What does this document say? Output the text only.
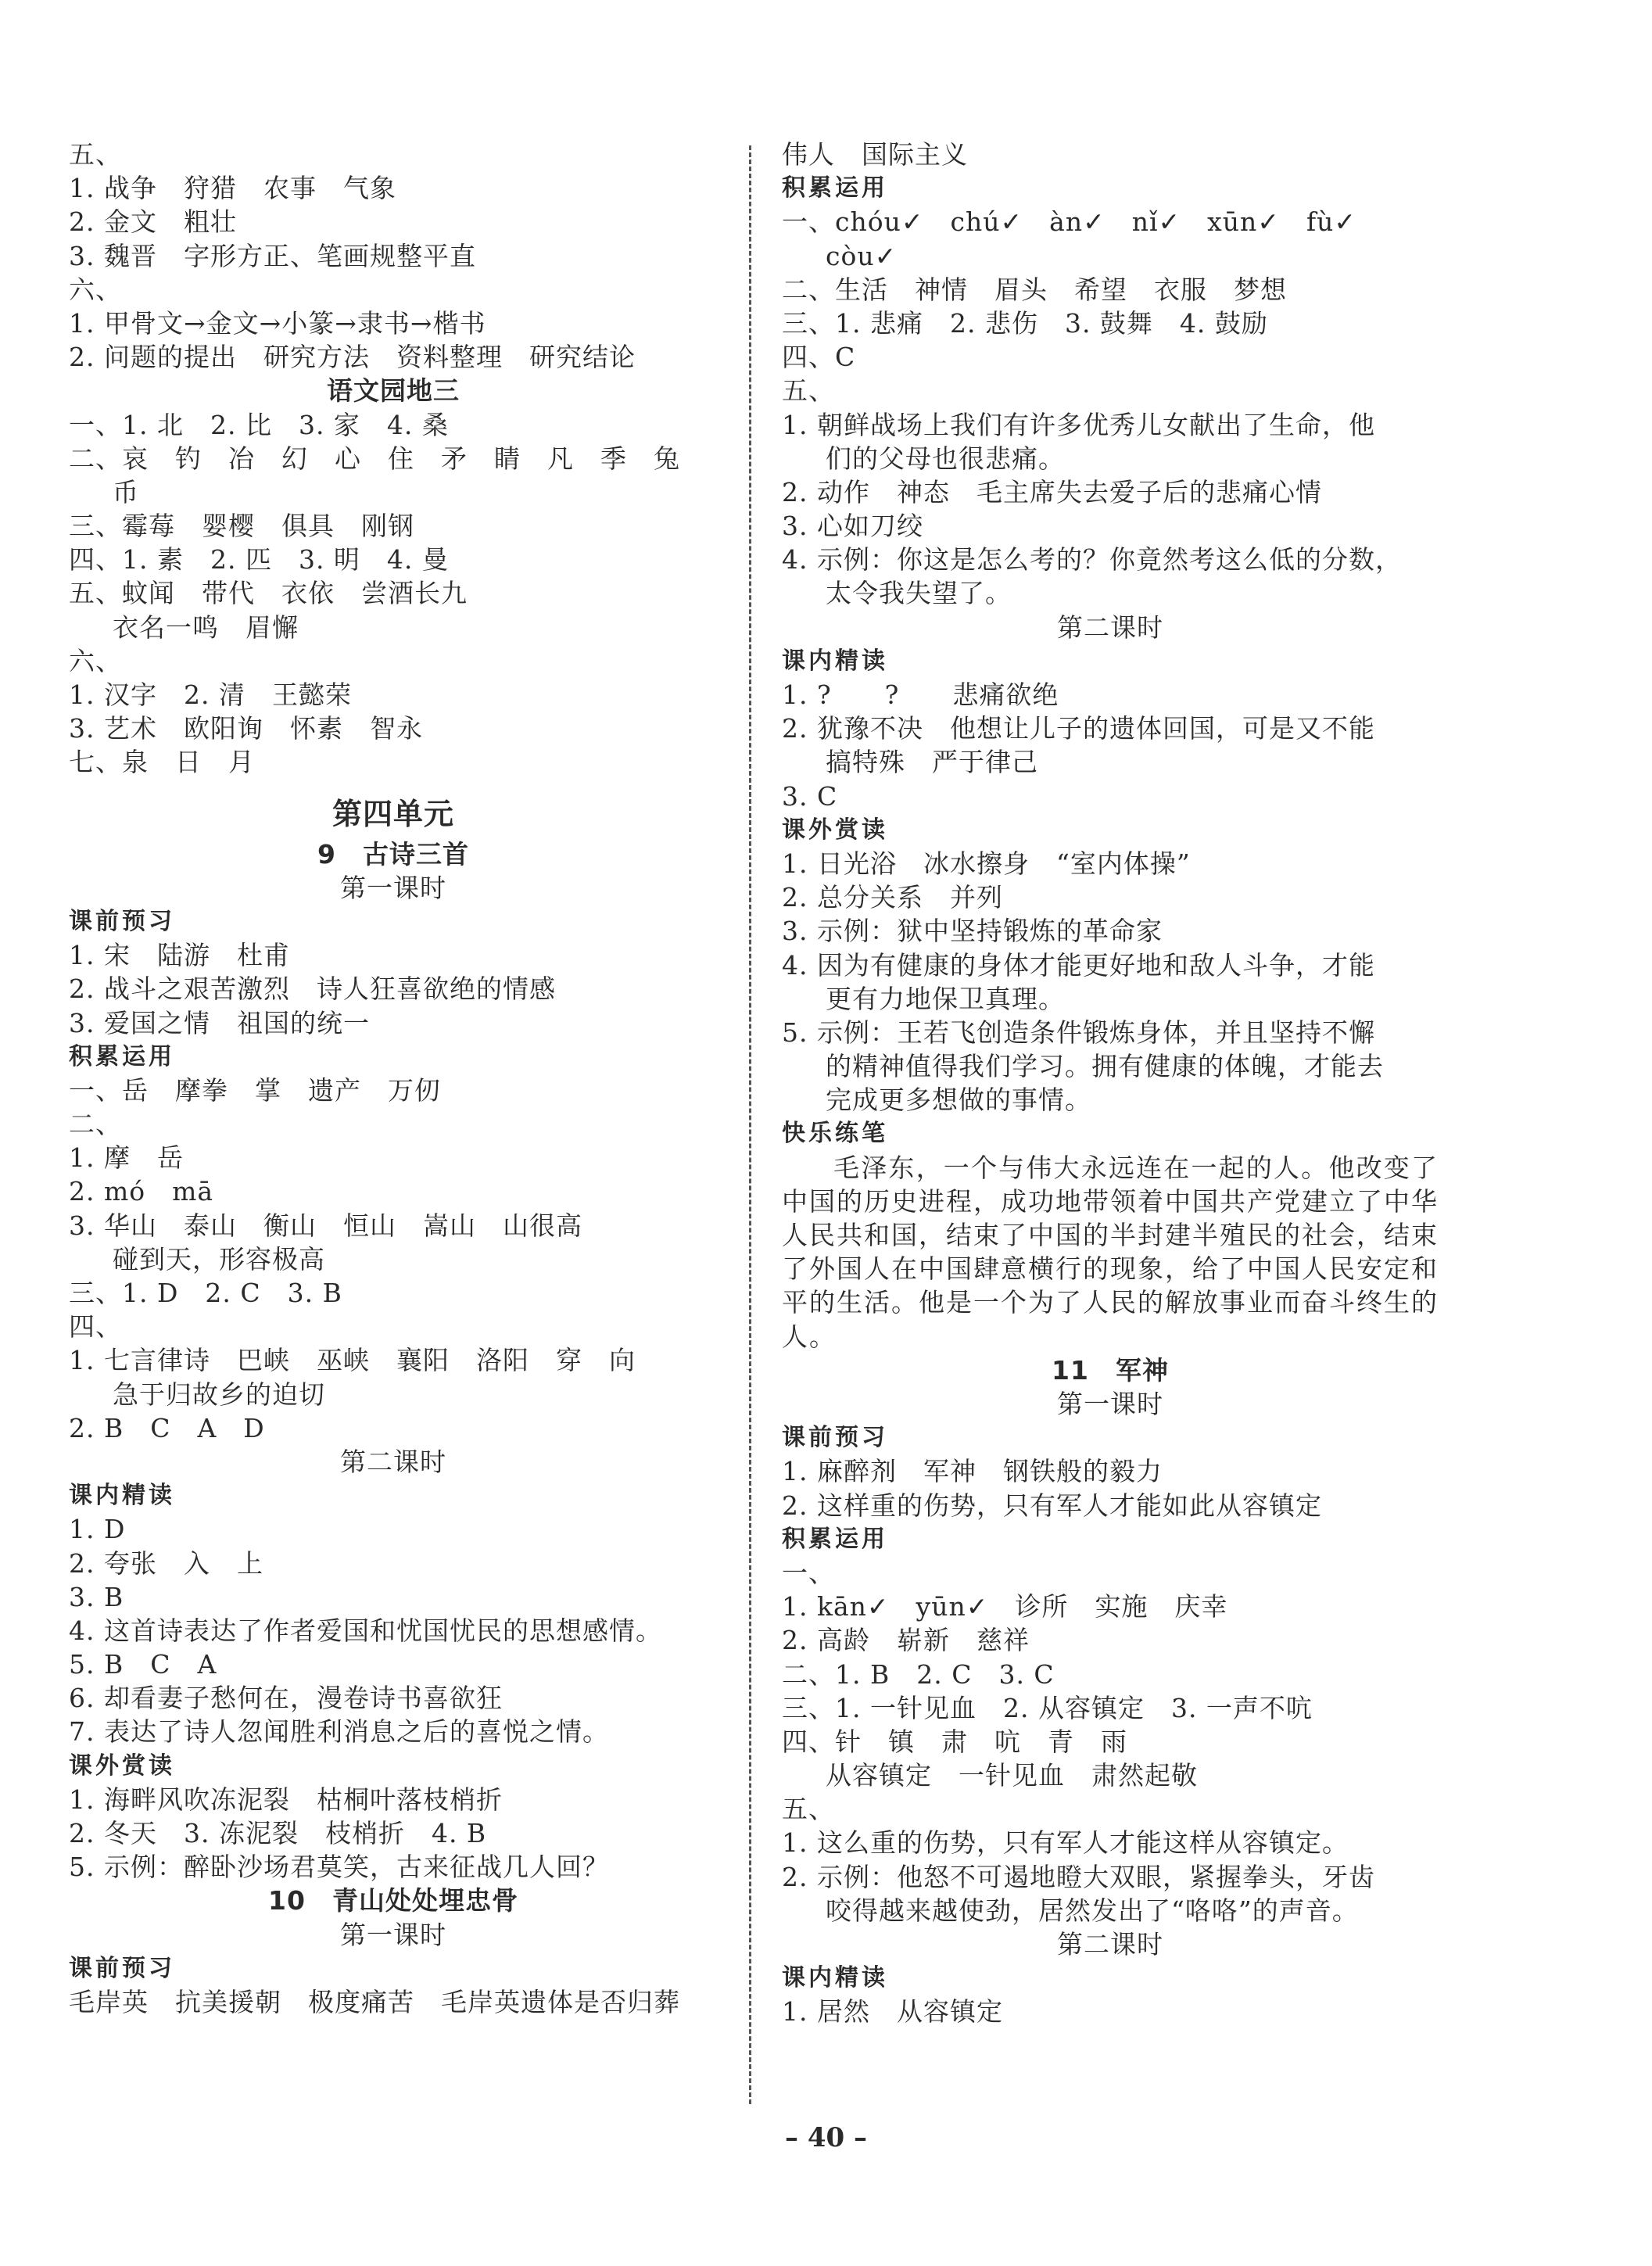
五、
1. 战争　狩猎　农事　气象
2. 金文　粗壮
3. 魏晋　字形方正、笔画规整平直
六、
1. 甲骨文→金文→小篆→隶书→楷书
2. 问题的提出　研究方法　资料整理　研究结论
语文园地三
一、1. 北　2. 比　3. 家　4. 桑
二、哀　钓　冶　幻　心　住　矛　睛　凡　季　兔
币
三、霉莓　婴樱　俱具　刚钢
四、1. 素　2. 匹　3. 明　4. 曼
五、蚊闻　带代　衣依　尝酒长九
衣名一鸣　眉懈
六、
1. 汉字　2. 清　王懿荣
3. 艺术　欧阳询　怀素　智永
七、泉　日　月
第四单元
9　古诗三首
第一课时
课前预习
1. 宋　陆游　杜甫
2. 战斗之艰苦激烈　诗人狂喜欲绝的情感
3. 爱国之情　祖国的统一
积累运用
一、岳　摩拳　掌　遗产　万仞
二、
1. 摩　岳
2. mó　mā
3. 华山　泰山　衡山　恒山　嵩山　山很高
碰到天，形容极高
三、1. D　2. C　3. B
四、
1. 七言律诗　巴峡　巫峡　襄阳　洛阳　穿　向
急于归故乡的迫切
2. B　C　A　D
第二课时
课内精读
1. D
2. 夸张　入　上
3. B
4. 这首诗表达了作者爱国和忧国忧民的思想感情。
5. B　C　A
6. 却看妻子愁何在，漫卷诗书喜欲狂
7. 表达了诗人忽闻胜利消息之后的喜悦之情。
课外赏读
1. 海畔风吹冻泥裂　枯桐叶落枝梢折
2. 冬天　3. 冻泥裂　枝梢折　4. B
5. 示例：醉卧沙场君莫笑，古来征战几人回？
10　青山处处埋忠骨
第一课时
课前预习
毛岸英　抗美援朝　极度痛苦　毛岸英遗体是否归葬
伟人　国际主义
积累运用
一、chóu✓　chú✓　àn✓　nǐ✓　xūn✓　fù✓
còu✓
二、生活　神情　眉头　希望　衣服　梦想
三、1. 悲痛　2. 悲伤　3. 鼓舞　4. 鼓励
四、C
五、
1. 朝鲜战场上我们有许多优秀儿女献出了生命，他
们的父母也很悲痛。
2. 动作　神态　毛主席失去爱子后的悲痛心情
3. 心如刀绞
4. 示例：你这是怎么考的？你竟然考这么低的分数，
太令我失望了。
第二课时
课内精读
1. ?　　?　　悲痛欲绝
2. 犹豫不决　他想让儿子的遗体回国，可是又不能
搞特殊　严于律己
3. C
课外赏读
1. 日光浴　冰水擦身　“室内体操”
2. 总分关系　并列
3. 示例：狱中坚持锻炼的革命家
4. 因为有健康的身体才能更好地和敌人斗争，才能
更有力地保卫真理。
5. 示例：王若飞创造条件锻炼身体，并且坚持不懈
的精神值得我们学习。拥有健康的体魄，才能去
完成更多想做的事情。
快乐练笔
毛泽东，一个与伟大永远连在一起的人。他改变了中国的历史进程，成功地带领着中国共产党建立了中华人民共和国，结束了中国的半封建半殖民的社会，结束了外国人在中国肆意横行的现象，给了中国人民安定和平的生活。他是一个为了人民的解放事业而奋斗终生的人。
11　军神
第一课时
课前预习
1. 麻醉剂　军神　钢铁般的毅力
2. 这样重的伤势，只有军人才能如此从容镇定
积累运用
一、
1. kān✓　yūn✓　诊所　实施　庆幸
2. 高龄　崭新　慈祥
二、1. B　2. C　3. C
三、1. 一针见血　2. 从容镇定　3. 一声不吭
四、针　镇　肃　吭　青　雨
从容镇定　一针见血　肃然起敬
五、
1. 这么重的伤势，只有军人才能这样从容镇定。
2. 示例：他怒不可遏地瞪大双眼，紧握拳头，牙齿
咬得越来越使劲，居然发出了“咯咯”的声音。
第二课时
课内精读
1. 居然　从容镇定
– 40 –
